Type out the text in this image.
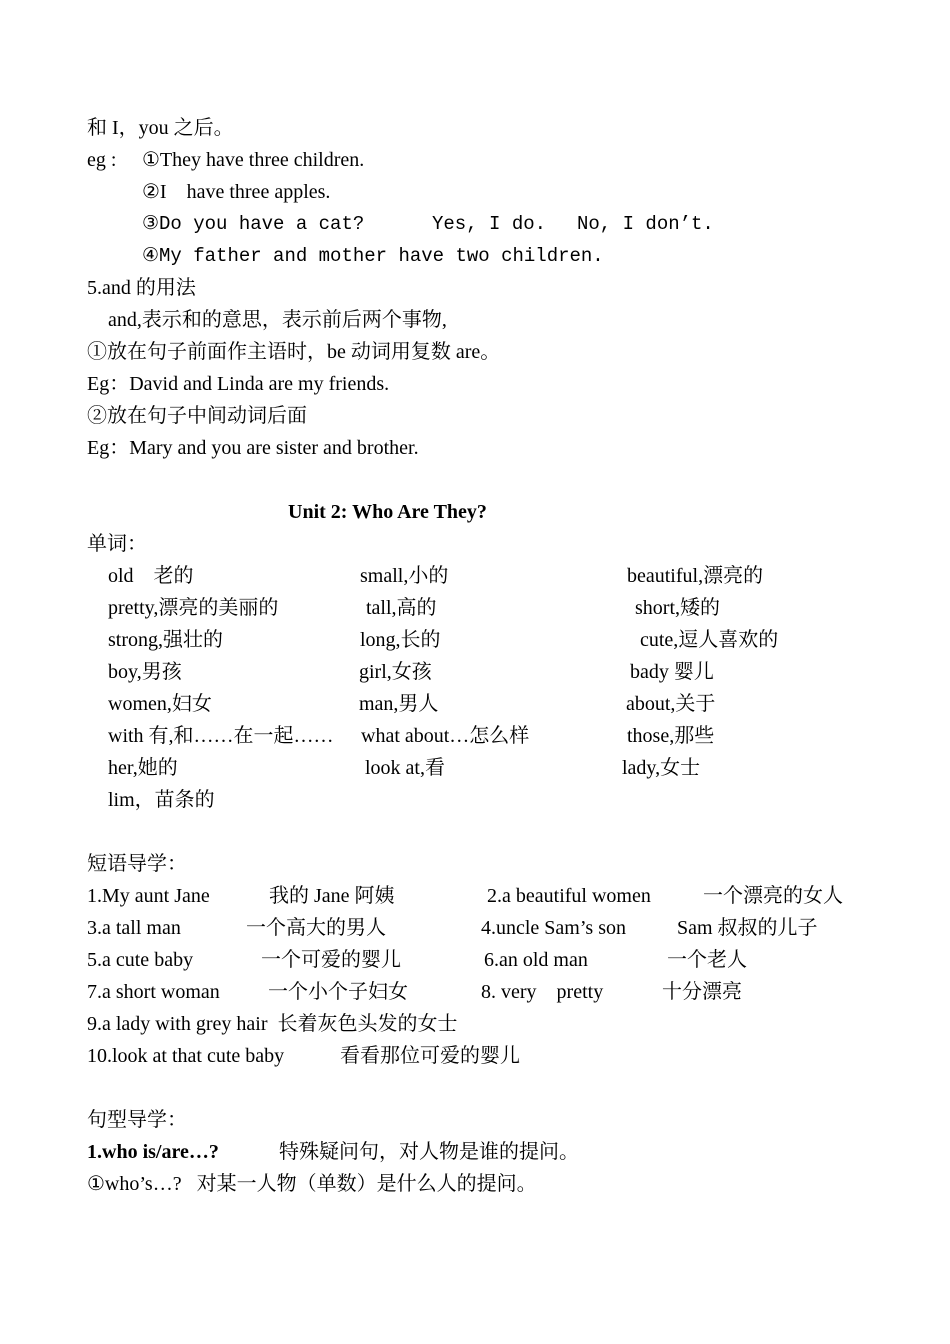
和 I，you 之后。
eg : ①They have three children.
②I    have three apples.
③Do you have a cat?	Yes, I do. No, I don’t.
④My father and mother have two children.
5.and 的用法
and,表示和的意思，表示前后两个事物,
①放在句子前面作主语时，be 动词用复数 are。
Eg：David and Linda are my friends.
②放在句子中间动词后面
Eg：Mary and you are sister and brother.
Unit 2: Who Are They?
单词：
old    老的	small,小的	beautiful,漂亮的
pretty,漂亮的美丽的	tall,高的	short,矮的
strong,强壮的	long,长的	cute,逗人喜欢的
boy,男孩	girl,女孩	bady 婴儿
women,妇女	man,男人	about,关于
with 有,和……在一起…… what about…怎么样	those,那些
her,她的	look at,看	lady,女士
lim，苗条的
短语导学：
1.My aunt Jane	我的 Jane 阿姨	2.a beautiful women	一个漂亮的女人
3.a tall man	一个高大的男人	4.uncle Sam’s son	Sam 叔叔的儿子
5.a cute baby	一个可爱的婴儿	6.an old man	一个老人
7.a short woman 一个小个子妇女	8. very    pretty	十分漂亮
9.a lady with grey hair  长着灰色头发的女士
10.look at that cute baby	看看那位可爱的婴儿
句型导学：
1.who is/are…?	特殊疑问句，对人物是谁的提问。
①who’s…?   对某一人物（单数）是什么人的提问。
